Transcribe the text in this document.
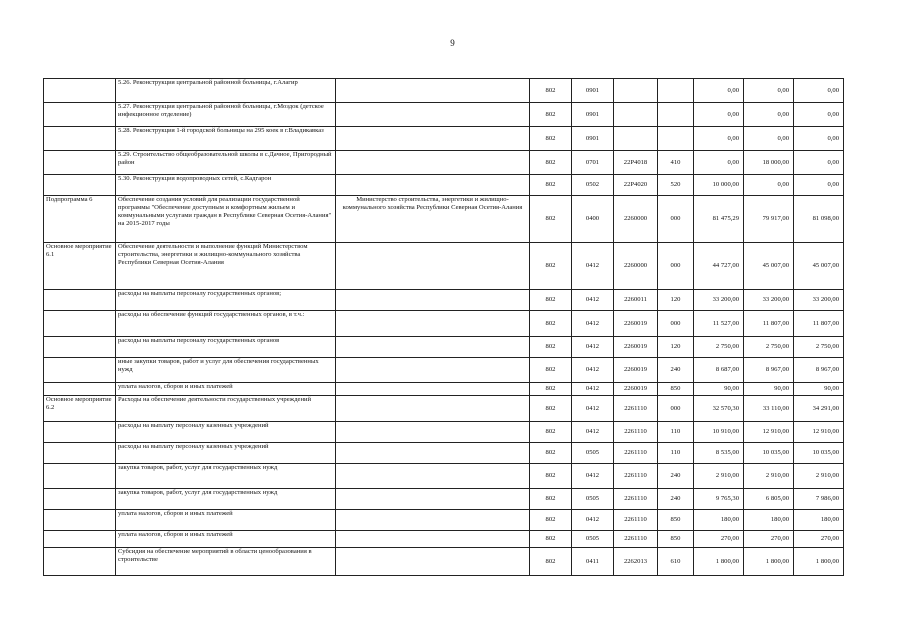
9
	5.26. Реконструкция центральной районной больницы, г.Алагир		802	0901			0,00	0,00	0,00
	5.27. Реконструкция центральной районной больницы, г.Моздок (детское инфекционное отделение)		802	0901			0,00	0,00	0,00
	5.28. Реконструкция 1-й городской больницы на 295 коек в г.Владикавказ		802	0901			0,00	0,00	0,00
	5.29. Строительство общеобразовательной школы в с.Дачное, Пригородный район		802	0701	22Р4018	410	0,00	18 000,00	0,00
	5.30. Реконструкция водопроводных сетей, с.Кадгарон		802	0502	22Р4020	520	10 000,00	0,00	0,00
Подпрограмма 6	Обеспечение создания условий для реализации государственной программы "Обеспечение доступным и комфортным жильем и коммунальными услугами граждан в Республике Северная Осетия-Алания" на 2015-2017 годы	Министерство строительства, энергетики и жилищно-коммунального хозяйства Республики Северная Осетия-Алания	802	0400	2260000	000	81 475,29	79 917,00	81 098,00
Основное мероприятие 6.1	Обеспечение деятельности и выполнение функций Министерством строительства, энергетики и жилищно-коммунального хозяйства Республики Северная Осетия-Алания		802	0412	2260000	000	44 727,00	45 007,00	45 007,00
	расходы на выплаты персоналу государственных органов;		802	0412	2260011	120	33 200,00	33 200,00	33 200,00
	расходы на обеспечение функций государственных органов, в т.ч.:		802	0412	2260019	000	11 527,00	11 807,00	11 807,00
	расходы на выплаты персоналу государственных органов		802	0412	2260019	120	2 750,00	2 750,00	2 750,00
	иные закупки товаров, работ и услуг для обеспечения государственных нужд		802	0412	2260019	240	8 687,00	8 967,00	8 967,00
	уплата налогов, сборов и иных платежей		802	0412	2260019	850	90,00	90,00	90,00
Основное мероприятие 6.2	Расходы на обеспечение деятельности государственных учреждений		802	0412	2261110	000	32 570,30	33 110,00	34 291,00
	расходы на выплату персоналу казенных учреждений		802	0412	2261110	110	10 910,00	12 910,00	12 910,00
	расходы на выплату персоналу казенных учреждений		802	0505	2261110	110	8 535,00	10 035,00	10 035,00
	закупка товаров, работ, услуг для государственных нужд		802	0412	2261110	240	2 910,00	2 910,00	2 910,00
	закупка товаров, работ, услуг для государственных нужд		802	0505	2261110	240	9 765,30	6 805,00	7 986,00
	уплата налогов, сборов и иных платежей		802	0412	2261110	850	180,00	180,00	180,00
	уплата налогов, сборов и иных платежей		802	0505	2261110	850	270,00	270,00	270,00
	Субсидия на обеспечение мероприятий в области ценообразования в строительстве		802	0411	2262013	610	1 800,00	1 800,00	1 800,00
